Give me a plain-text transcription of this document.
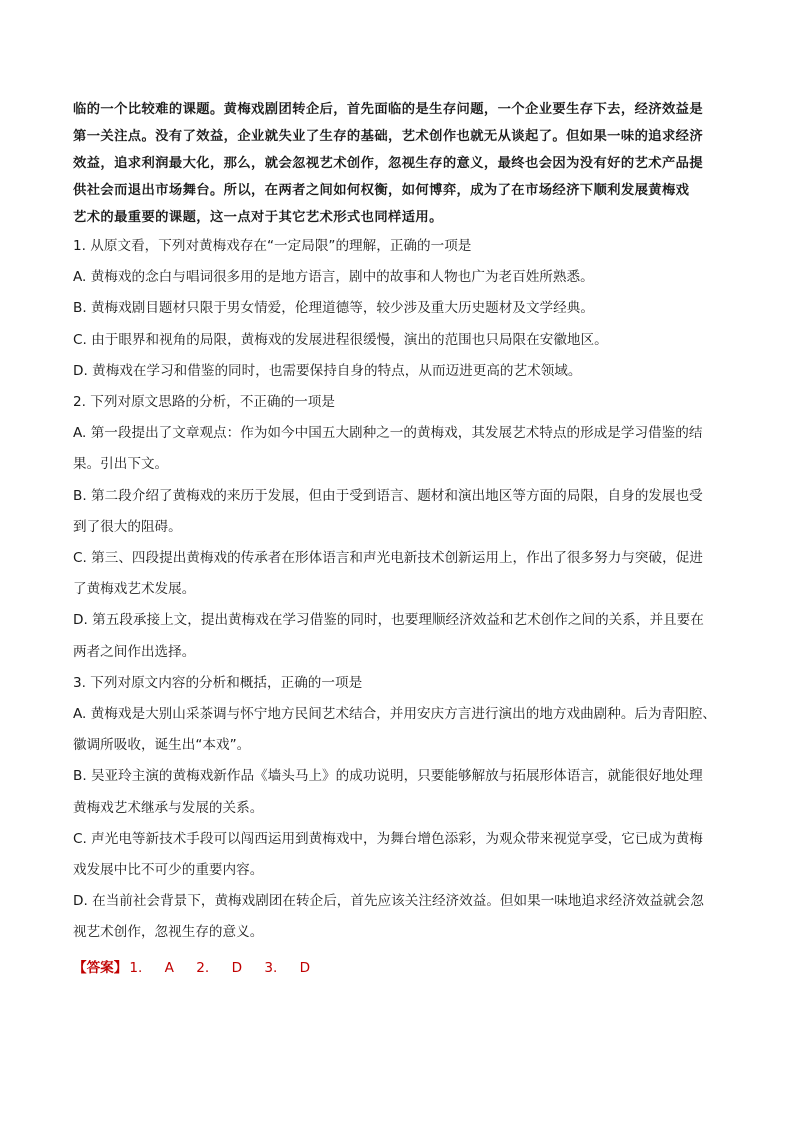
临的一个比较难的课题。黄梅戏剧团转企后，首先面临的是生存问题，一个企业要生存下去，经济效益是

第一关注点。没有了效益，企业就失业了生存的基础，艺术创作也就无从谈起了。但如果一味的追求经济

效益，追求利润最大化，那么，就会忽视艺术创作，忽视生存的意义，最终也会因为没有好的艺术产品提

供社会而退出市场舞台。所以，在两者之间如何权衡，如何博弈，成为了在市场经济下顺利发展黄梅戏

艺术的最重要的课题，这一点对于其它艺术形式也同样适用。

1. 从原文看，下列对黄梅戏存在“一定局限”的理解，正确的一项是

A. 黄梅戏的念白与唱词很多用的是地方语言，剧中的故事和人物也广为老百姓所熟悉。

B. 黄梅戏剧目题材只限于男女情爱，伦理道德等，较少涉及重大历史题材及文学经典。

C. 由于眼界和视角的局限，黄梅戏的发展进程很缓慢，演出的范围也只局限在安徽地区。

D. 黄梅戏在学习和借鉴的同时，也需要保持自身的特点，从而迈进更高的艺术领域。

2. 下列对原文思路的分析，不正确的一项是

A. 第一段提出了文章观点：作为如今中国五大剧种之一的黄梅戏，其发展艺术特点的形成是学习借鉴的结

果。引出下文。

B. 第二段介绍了黄梅戏的来历于发展，但由于受到语言、题材和演出地区等方面的局限，自身的发展也受

到了很大的阻碍。

C. 第三、四段提出黄梅戏的传承者在形体语言和声光电新技术创新运用上，作出了很多努力与突破，促进

了黄梅戏艺术发展。

D. 第五段承接上文，提出黄梅戏在学习借鉴的同时，也要理顺经济效益和艺术创作之间的关系，并且要在

两者之间作出选择。

3. 下列对原文内容的分析和概括，正确的一项是

A. 黄梅戏是大别山采茶调与怀宁地方民间艺术结合，并用安庆方言进行演出的地方戏曲剧种。后为青阳腔、

徽调所吸收，诞生出“本戏”。

B. 吴亚玲主演的黄梅戏新作品《墙头马上》的成功说明，只要能够解放与拓展形体语言，就能很好地处理

黄梅戏艺术继承与发展的关系。

C. 声光电等新技术手段可以闯西运用到黄梅戏中，为舞台增色添彩，为观众带来视觉享受，它已成为黄梅

戏发展中比不可少的重要内容。

D. 在当前社会背景下，黄梅戏剧团在转企后，首先应该关注经济效益。但如果一味地追求经济效益就会忽

视艺术创作，忽视生存的意义。

【答案】 1. A 2. D 3. D
